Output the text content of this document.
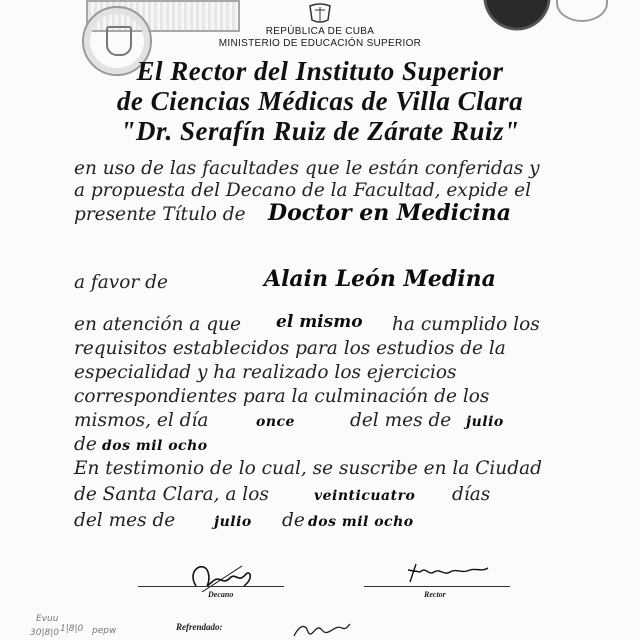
REPÚBLICA DE CUBA
MINISTERIO DE EDUCACIÓN SUPERIOR
El Rector del Instituto Superior
de Ciencias Médicas de Villa Clara
"Dr. Serafín Ruiz de Zárate Ruiz"
en uso de las facultades que le están conferidas y
a propuesta del Decano de la Facultad, expide el
presente Título de Doctor en Medicina
a favor de	Alain León Medina
en atención a que el mismo ha cumplido los
requisitos establecidos para los estudios de la
especialidad y ha realizado los ejercicios
correspondientes para la culminación de los
mismos, el día	once	del mes de julio
de dos mil ocho
En testimonio de lo cual, se suscribe en la Ciudad
de Santa Clara, a los	veinticuatro días
del mes de	julio de dos mil ocho
Decano	Rector
Refrendado:
Evuu
30|8|0 1|8|0 pepw
